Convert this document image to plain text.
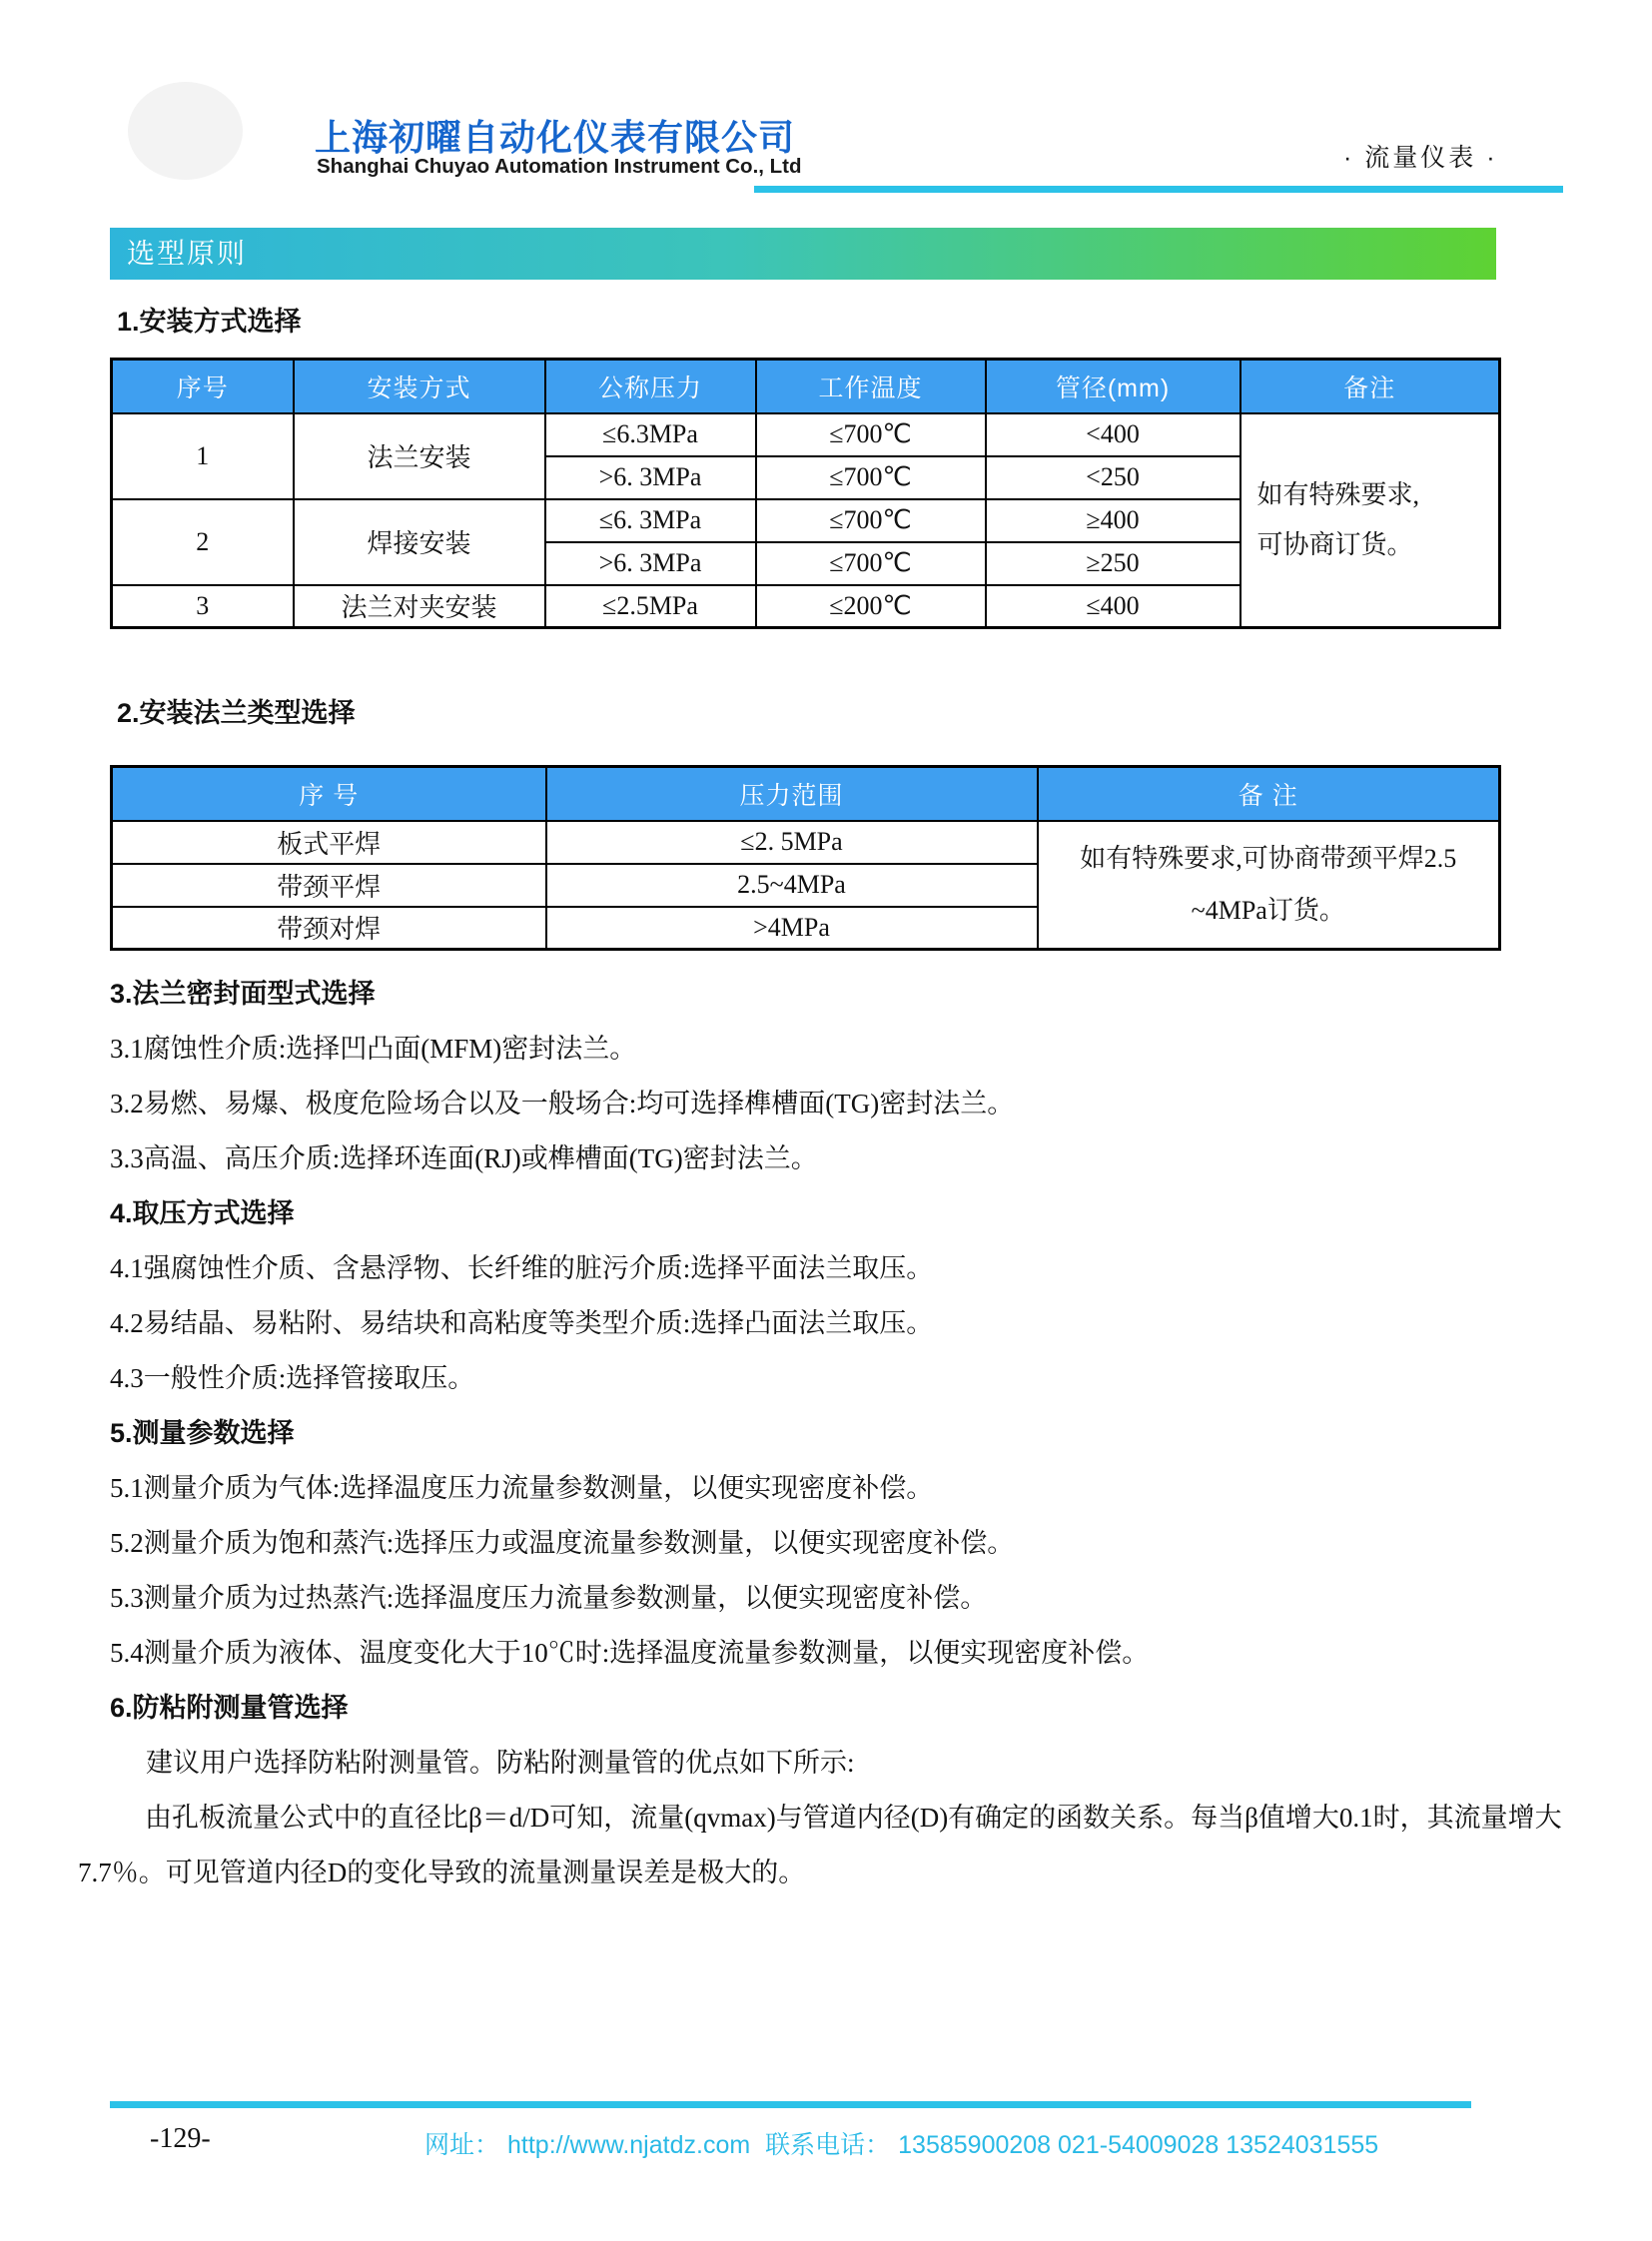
上海初曜自动化仪表有限公司
Shanghai Chuyao Automation Instrument Co., Ltd	· 流量仪表 ·
选型原则
1.安装方式选择
序号	安装方式	公称压力	工作温度	管径(mm)	备注
1	法兰安装	≤6.3MPa	≤700℃	<400	如有特殊要求,
可协商订货。

		>6. 3MPa	≤700℃	<250	
2	焊接安装	≤6. 3MPa	≤700℃	≥400	
		>6. 3MPa	≤700℃	≥250	
3	法兰对夹安装	≤2.5MPa	≤200℃	≤400	
2.安装法兰类型选择
序 号	压力范围	备 注
板式平焊	≤2. 5MPa	如有特殊要求,可协商带颈平焊2.5
~4MPa订货。

带颈平焊	2.5~4MPa	
带颈对焊	>4MPa	
3.法兰密封面型式选择
3.1腐蚀性介质:选择凹凸面(MFM)密封法兰。
3.2易燃、易爆、极度危险场合以及一般场合:均可选择榫槽面(TG)密封法兰。
3.3高温、高压介质:选择环连面(RJ)或榫槽面(TG)密封法兰。
4.取压方式选择
4.1强腐蚀性介质、含悬浮物、长纤维的脏污介质:选择平面法兰取压。
4.2易结晶、易粘附、易结块和高粘度等类型介质:选择凸面法兰取压。
4.3一般性介质:选择管接取压。
5.测量参数选择
5.1测量介质为气体:选择温度压力流量参数测量，以便实现密度补偿。
5.2测量介质为饱和蒸汽:选择压力或温度流量参数测量，以便实现密度补偿。
5.3测量介质为过热蒸汽:选择温度压力流量参数测量，以便实现密度补偿。
5.4测量介质为液体、温度变化大于10℃时:选择温度流量参数测量，以便实现密度补偿。
6.防粘附测量管选择
建议用户选择防粘附测量管。防粘附测量管的优点如下所示:
由孔板流量公式中的直径比β＝d/D可知，流量(qvmax)与管道内径(D)有确定的函数关系。每当β值增大0.1时，其流量增大7.7％。可见管道内径D的变化导致的流量测量误差是极大的。
-129-	网址： http://www.njatdz.com 联系电话： 13585900208 021-54009028 13524031555
